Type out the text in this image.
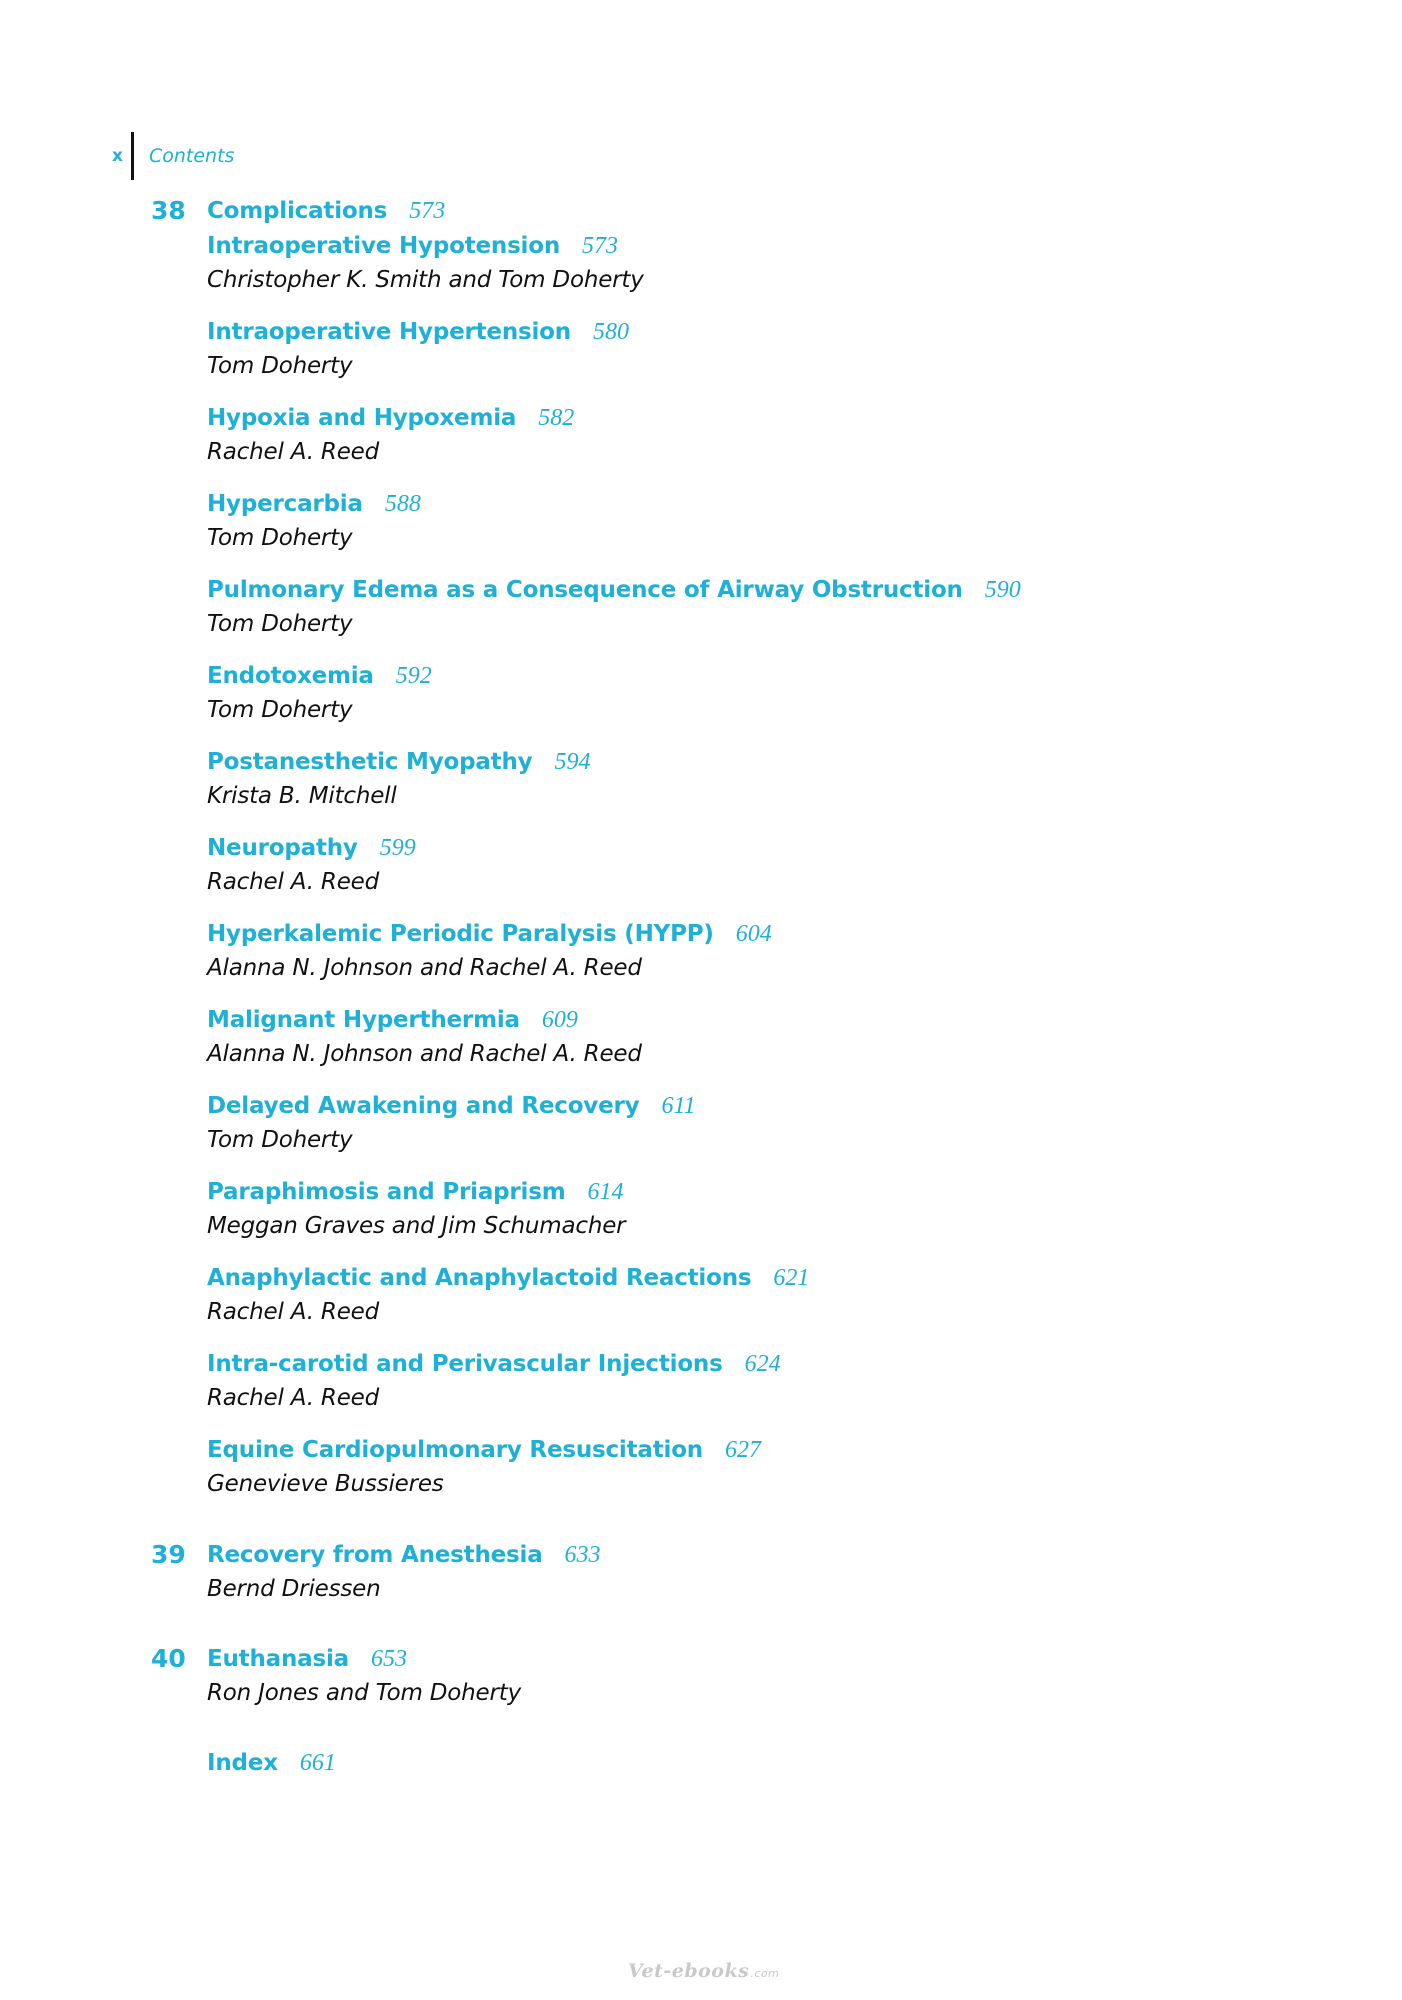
x Contents
38 Complications 573
Intraoperative Hypotension 573
Christopher K. Smith and Tom Doherty
Intraoperative Hypertension 580
Tom Doherty
Hypoxia and Hypoxemia 582
Rachel A. Reed
Hypercarbia 588
Tom Doherty
Pulmonary Edema as a Consequence of Airway Obstruction 590
Tom Doherty
Endotoxemia 592
Tom Doherty
Postanesthetic Myopathy 594
Krista B. Mitchell
Neuropathy 599
Rachel A. Reed
Hyperkalemic Periodic Paralysis (HYPP) 604
Alanna N. Johnson and Rachel A. Reed
Malignant Hyperthermia 609
Alanna N. Johnson and Rachel A. Reed
Delayed Awakening and Recovery 611
Tom Doherty
Paraphimosis and Priaprism 614
Meggan Graves and Jim Schumacher
Anaphylactic and Anaphylactoid Reactions 621
Rachel A. Reed
Intra-carotid and Perivascular Injections 624
Rachel A. Reed
Equine Cardiopulmonary Resuscitation 627
Genevieve Bussieres
39 Recovery from Anesthesia 633
Bernd Driessen
40 Euthanasia 653
Ron Jones and Tom Doherty
Index 661
Vet-ebooks.com
